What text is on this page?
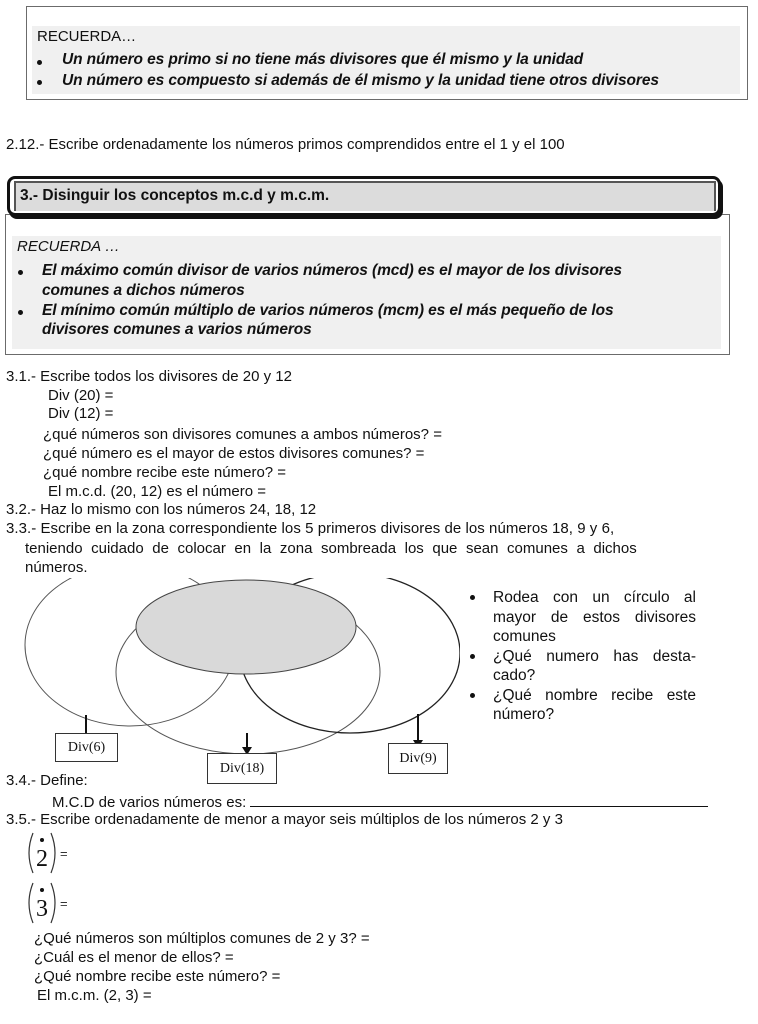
RECUERDA…
Un número es primo si no tiene más divisores que él mismo y la unidad
Un número es compuesto si además de él mismo y la unidad tiene otros divisores
2.12.- Escribe ordenadamente los números primos comprendidos entre el 1 y el 100
3.- Disinguir los conceptos m.c.d y m.c.m.
RECUERDA …
El máximo común divisor de varios números (mcd) es el mayor de los divisores
comunes a dichos números
El mínimo común múltiplo de varios números (mcm) es el más pequeño de los
divisores comunes a varios números
3.1.- Escribe todos los divisores de 20 y 12
Div (20) =
Div (12) =
¿qué números son divisores comunes a ambos números? =
¿qué número es el mayor de estos divisores comunes? =
¿qué nombre recibe este número? =
El m.c.d. (20, 12) es el número =
3.2.- Haz lo mismo con los números 24, 18, 12
3.3.- Escribe en la zona correspondiente los 5 primeros divisores de los números 18, 9 y 6,
teniendo cuidado de colocar en la zona sombreada los que sean comunes a dichos
números.
Div(6)
Div(18)
Div(9)
Rodea con un círculo al mayor de estos divisores comunes
¿Qué numero has desta-cado?
¿Qué nombre recibe este número?
3.4.- Define:
M.C.D de varios números es:
3.5.- Escribe ordenadamente de menor a mayor seis múltiplos de los números 2 y 3
2 =
3 =
¿Qué números son múltiplos comunes de 2 y 3? =
¿Cuál es el menor de ellos? =
¿Qué nombre recibe este número? =
El m.c.m. (2, 3) =
